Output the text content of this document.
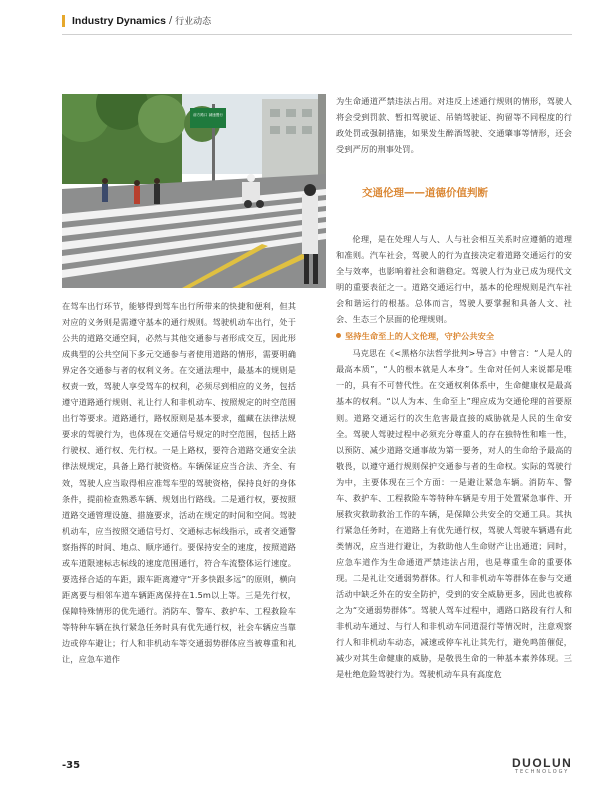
Industry Dynamics / 行业动态
前方路口 减速慢行

在驾车出行环节，能够得到驾车出行所带来的快捷和便利，但其对应的义务则是需遵守基本的通行规则。驾驶机动车出行，处于公共的道路交通空间，必然与其他交通参与者形成交互，因此形成典型的公共空间下多元交通参与者使用道路的情形，需要明确界定各交通参与者的权利义务。在交通法理中，最基本的规则是权责一致，驾驶人享受驾车的权利，必须尽到相应的义务，包括遵守道路通行规则、礼让行人和非机动车、按照规定的时空范围出行等要求。道路通行，路权原则是基本要求，蕴藏在法律法规要求的驾驶行为，也体现在交通信号规定的时空范围，包括上路行驶权、通行权、先行权。一是上路权，要符合道路交通安全法律法规规定，具备上路行驶资格。车辆保证应当合法、齐全、有效，驾驶人应当取得相应准驾车型的驾驶资格，保持良好的身体条件，提前检查熟悉车辆、规划出行路线。二是通行权，要按照道路交通管理设施、措施要求，活动在规定的时间和空间。驾驶机动车，应当按照交通信号灯、交通标志标线指示，或者交通警察指挥的时间、地点、顺序通行。要保持安全的速度，按照道路或车道限速标志标线的速度范围通行，符合车流整体运行速度。要选择合适的车距，跟车距离遵守“开多快跟多远”的原则，横向距离要与相邻车道车辆距离保持在1.5m以上等。三是先行权，保障特殊情形的优先通行。消防车、警车、救护车、工程救险车等特种车辆在执行紧急任务时具有优先通行权，社会车辆应当靠边或停车避让；行人和非机动车等交通弱势群体应当被尊重和礼让，应急车道作

为生命通道严禁违法占用。对违反上述通行规则的情形，驾驶人将会受到罚款、暂扣驾驶证、吊销驾驶证、拘留等不同程度的行政处罚或强制措施，如果发生醉酒驾驶、交通肇事等情形，还会受到严厉的刑事处罚。

交通伦理——道德价值判断

伦理，是在处理人与人、人与社会相互关系时应遵循的道理和准则。汽车社会，驾驶人的行为直接决定着道路交通运行的安全与效率，也影响着社会和谐稳定。驾驶人行为业已成为现代文明的重要表征之一。道路交通运行中，基本的伦理规则是汽车社会和谐运行的根基。总体而言，驾驶人要掌握和具备人文、社会、生态三个层面的伦理规则。

坚持生命至上的人文伦理，守护公共安全

马克思在《<黑格尔法哲学批判>导言》中曾言：“人是人的最高本质”，“人的根本就是人本身”。生命对任何人来说都是唯一的，具有不可替代性。在交通权利体系中，生命健康权是最高基本的权利。“以人为本、生命至上”理应成为交通伦理的首要原则。道路交通运行的次生危害最直接的威胁就是人民的生命安全。驾驶人驾驶过程中必须充分尊重人的存在独特性和唯一性，以预防、减少道路交通事故为第一要务，对人的生命给予最高的敬畏，以遵守通行规则保护交通参与者的生命权。实际的驾驶行为中，主要体现在三个方面：一是避让紧急车辆。消防车、警车、救护车、工程救险车等特种车辆是专用于处置紧急事件、开展救灾救助救治工作的车辆，是保障公共安全的交通工具。其执行紧急任务时，在道路上有优先通行权，驾驶人驾驶车辆遇有此类情况，应当进行避让，为救助他人生命财产让出通道；同时，应急车道作为生命通道严禁违法占用，也是尊重生命的重要体现。二是礼让交通弱势群体。行人和非机动车等群体在参与交通活动中缺乏外在的安全防护，受到的安全威胁更多，因此也被称之为“交通弱势群体”。驾驶人驾车过程中，遇路口路段有行人和非机动车通过、与行人和非机动车同道混行等情况时，注意观察行人和非机动车动态，减速或停车礼让其先行，避免鸣笛催促，减少对其生命健康的威胁，是敬畏生命的一种基本素养体现。三是杜绝危险驾驶行为。驾驶机动车具有高度危

-35	DUOLUN
TECHNOLOGY
